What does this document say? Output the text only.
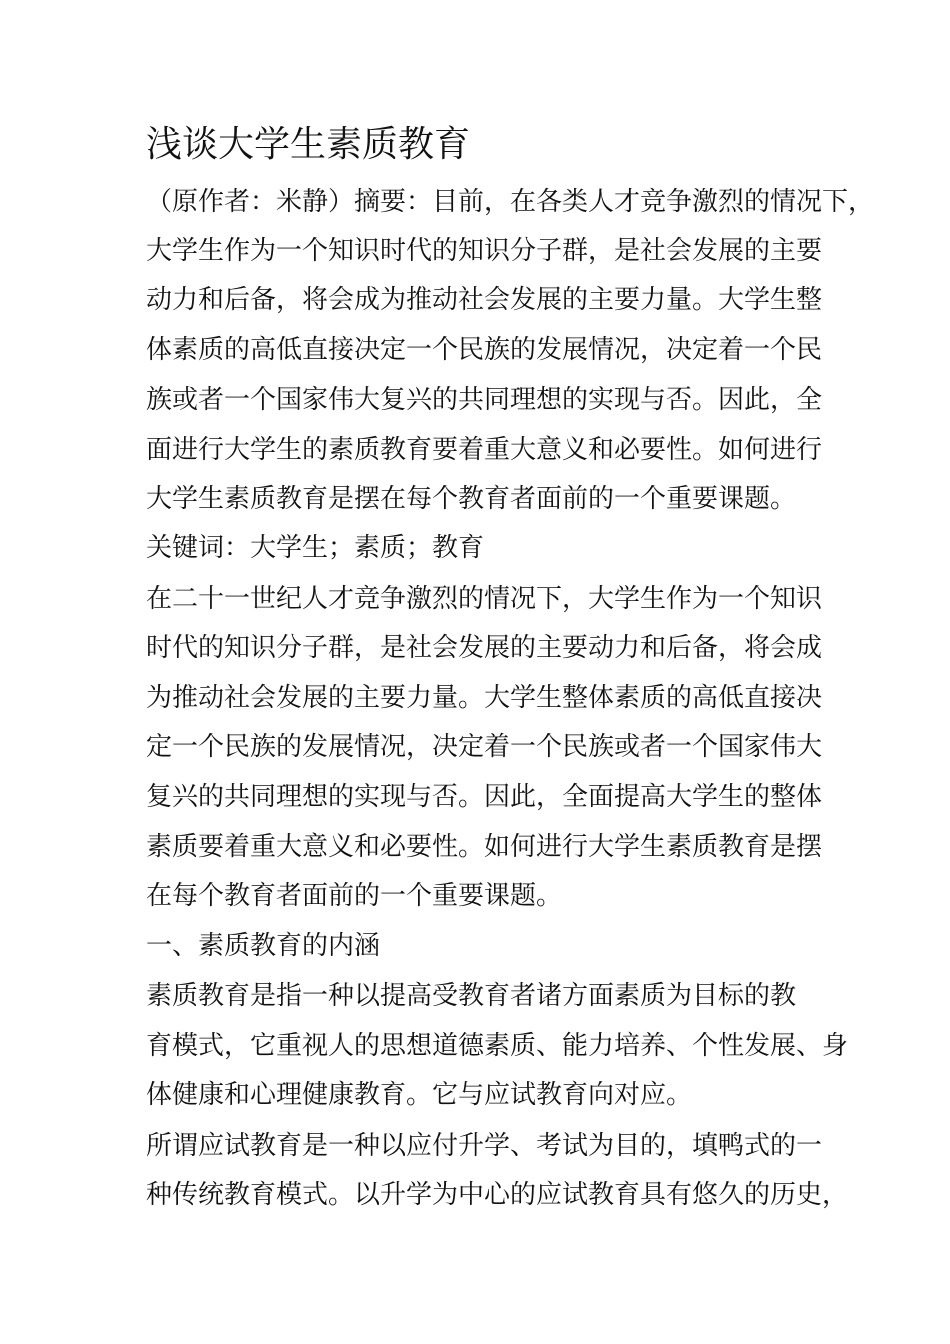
浅谈大学生素质教育
（原作者：米静）摘要：目前，在各类人才竞争激烈的情况下，
大学生作为一个知识时代的知识分子群，是社会发展的主要
动力和后备，将会成为推动社会发展的主要力量。大学生整
体素质的高低直接决定一个民族的发展情况，决定着一个民
族或者一个国家伟大复兴的共同理想的实现与否。因此，全
面进行大学生的素质教育要着重大意义和必要性。如何进行
大学生素质教育是摆在每个教育者面前的一个重要课题。
关键词：大学生；素质；教育
在二十一世纪人才竞争激烈的情况下，大学生作为一个知识
时代的知识分子群，是社会发展的主要动力和后备，将会成
为推动社会发展的主要力量。大学生整体素质的高低直接决
定一个民族的发展情况，决定着一个民族或者一个国家伟大
复兴的共同理想的实现与否。因此，全面提高大学生的整体
素质要着重大意义和必要性。如何进行大学生素质教育是摆
在每个教育者面前的一个重要课题。
一、素质教育的内涵
素质教育是指一种以提高受教育者诸方面素质为目标的教
育模式，它重视人的思想道德素质、能力培养、个性发展、身
体健康和心理健康教育。它与应试教育向对应。
所谓应试教育是一种以应付升学、考试为目的，填鸭式的一
种传统教育模式。以升学为中心的应试教育具有悠久的历史，
